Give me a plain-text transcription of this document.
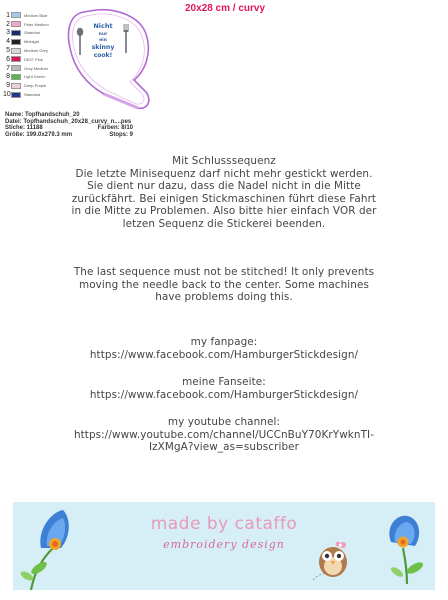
20x28 cm / curvy
1	Medium Blue
2	Paler Medium
3	Slate/dat
4	Midnight
5	Medium Grey
6	DE07 Pink
7	Grey Medium
8	Light Green
9	Deep Purple
10	Standard
Nicht
nur
ein
skinny
cook!
Name: Topfhandschuh_20
Datei: Topfhandschuh_20x28_curvy_n....pes
Stiche: 11188	Farben: 8/10
Größe: 199.0x279.3 mm	Stops: 9
Mit Schlusssequenz
Die letzte Minisequenz darf nicht mehr gestickt werden.
Sie dient nur dazu, dass die Nadel nicht in die Mitte
zurückfährt. Bei einigen Stickmaschinen führt diese Fahrt
in die Mitte zu Problemen. Also bitte hier einfach VOR der
letzen Sequenz die Stickerei beenden.
The last sequence must not be stitched! It only prevents
moving the needle back to the center. Some machines
have problems doing this.
my fanpage:
https://www.facebook.com/HamburgerStickdesign/
meine Fanseite:
https://www.facebook.com/HamburgerStickdesign/
my youtube channel:
https://www.youtube.com/channel/UCCnBuY70KrYwknTI-
IzXMgA?view_as=subscriber
made by cataffo
embroidery design
